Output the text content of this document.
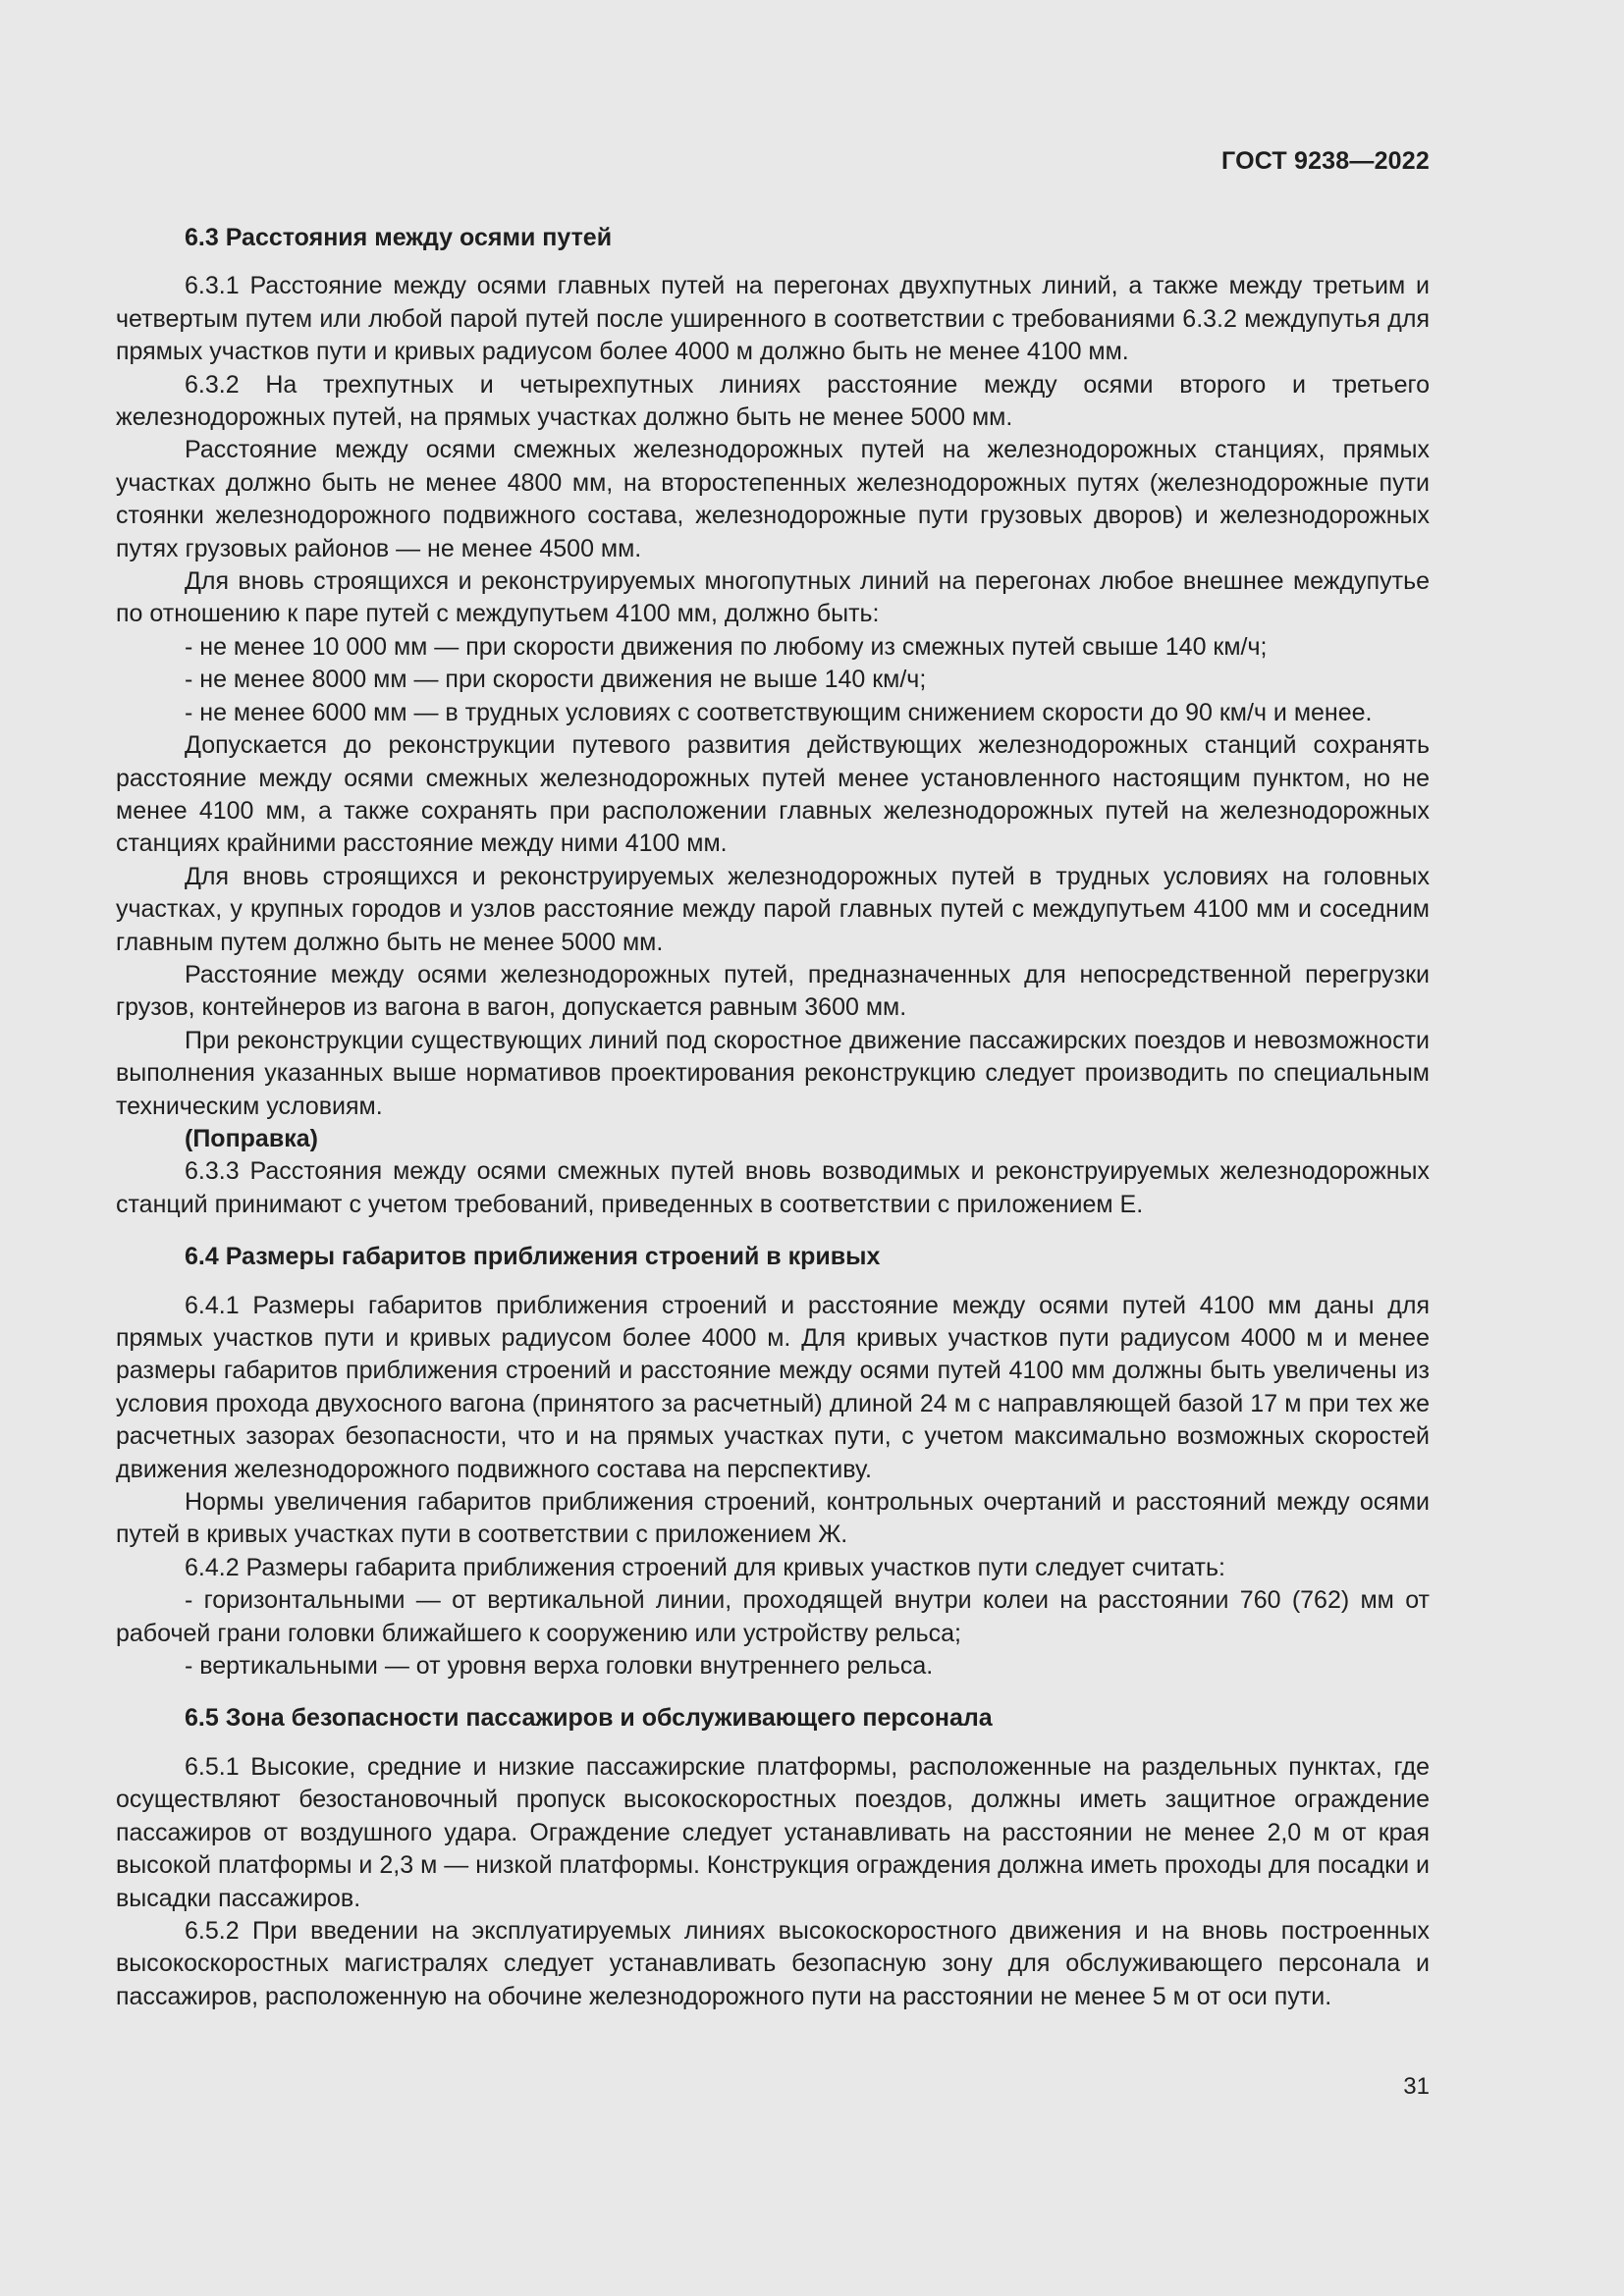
ГОСТ 9238—2022
6.3 Расстояния между осями путей

6.3.1 Расстояние между осями главных путей на перегонах двухпутных линий, а также между третьим и четвертым путем или любой парой путей после уширенного в соответствии с требованиями 6.3.2 междупутья для прямых участков пути и кривых радиусом более 4000 м должно быть не менее 4100 мм.

6.3.2 На трехпутных и четырехпутных линиях расстояние между осями второго и третьего железнодорожных путей, на прямых участках должно быть не менее 5000 мм.

Расстояние между осями смежных железнодорожных путей на железнодорожных станциях, прямых участках должно быть не менее 4800 мм, на второстепенных железнодорожных путях (железнодорожные пути стоянки железнодорожного подвижного состава, железнодорожные пути грузовых дворов) и железнодорожных путях грузовых районов — не менее 4500 мм.

Для вновь строящихся и реконструируемых многопутных линий на перегонах любое внешнее междупутье по отношению к паре путей с междупутьем 4100 мм, должно быть:

- не менее 10 000 мм — при скорости движения по любому из смежных путей свыше 140 км/ч;

- не менее 8000 мм — при скорости движения не выше 140 км/ч;

- не менее 6000 мм — в трудных условиях с соответствующим снижением скорости до 90 км/ч и менее.

Допускается до реконструкции путевого развития действующих железнодорожных станций сохранять расстояние между осями смежных железнодорожных путей менее установленного настоящим пунктом, но не менее 4100 мм, а также сохранять при расположении главных железнодорожных путей на железнодорожных станциях крайними расстояние между ними 4100 мм.

Для вновь строящихся и реконструируемых железнодорожных путей в трудных условиях на головных участках, у крупных городов и узлов расстояние между парой главных путей с междупутьем 4100 мм и соседним главным путем должно быть не менее 5000 мм.

Расстояние между осями железнодорожных путей, предназначенных для непосредственной перегрузки грузов, контейнеров из вагона в вагон, допускается равным 3600 мм.

При реконструкции существующих линий под скоростное движение пассажирских поездов и невозможности выполнения указанных выше нормативов проектирования реконструкцию следует производить по специальным техническим условиям.

(Поправка)

6.3.3 Расстояния между осями смежных путей вновь возводимых и реконструируемых железнодорожных станций принимают с учетом требований, приведенных в соответствии с приложением Е.

6.4 Размеры габаритов приближения строений в кривых

6.4.1 Размеры габаритов приближения строений и расстояние между осями путей 4100 мм даны для прямых участков пути и кривых радиусом более 4000 м. Для кривых участков пути радиусом 4000 м и менее размеры габаритов приближения строений и расстояние между осями путей 4100 мм должны быть увеличены из условия прохода двухосного вагона (принятого за расчетный) длиной 24 м с направляющей базой 17 м при тех же расчетных зазорах безопасности, что и на прямых участках пути, с учетом максимально возможных скоростей движения железнодорожного подвижного состава на перспективу.

Нормы увеличения габаритов приближения строений, контрольных очертаний и расстояний между осями путей в кривых участках пути в соответствии с приложением Ж.

6.4.2 Размеры габарита приближения строений для кривых участков пути следует считать:

- горизонтальными — от вертикальной линии, проходящей внутри колеи на расстоянии 760 (762) мм от рабочей грани головки ближайшего к сооружению или устройству рельса;

- вертикальными — от уровня верха головки внутреннего рельса.

6.5 Зона безопасности пассажиров и обслуживающего персонала

6.5.1 Высокие, средние и низкие пассажирские платформы, расположенные на раздельных пунктах, где осуществляют безостановочный пропуск высокоскоростных поездов, должны иметь защитное ограждение пассажиров от воздушного удара. Ограждение следует устанавливать на расстоянии не менее 2,0 м от края высокой платформы и 2,3 м — низкой платформы. Конструкция ограждения должна иметь проходы для посадки и высадки пассажиров.

6.5.2 При введении на эксплуатируемых линиях высокоскоростного движения и на вновь построенных высокоскоростных магистралях следует устанавливать безопасную зону для обслуживающего персонала и пассажиров, расположенную на обочине железнодорожного пути на расстоянии не менее 5 м от оси пути.

31
